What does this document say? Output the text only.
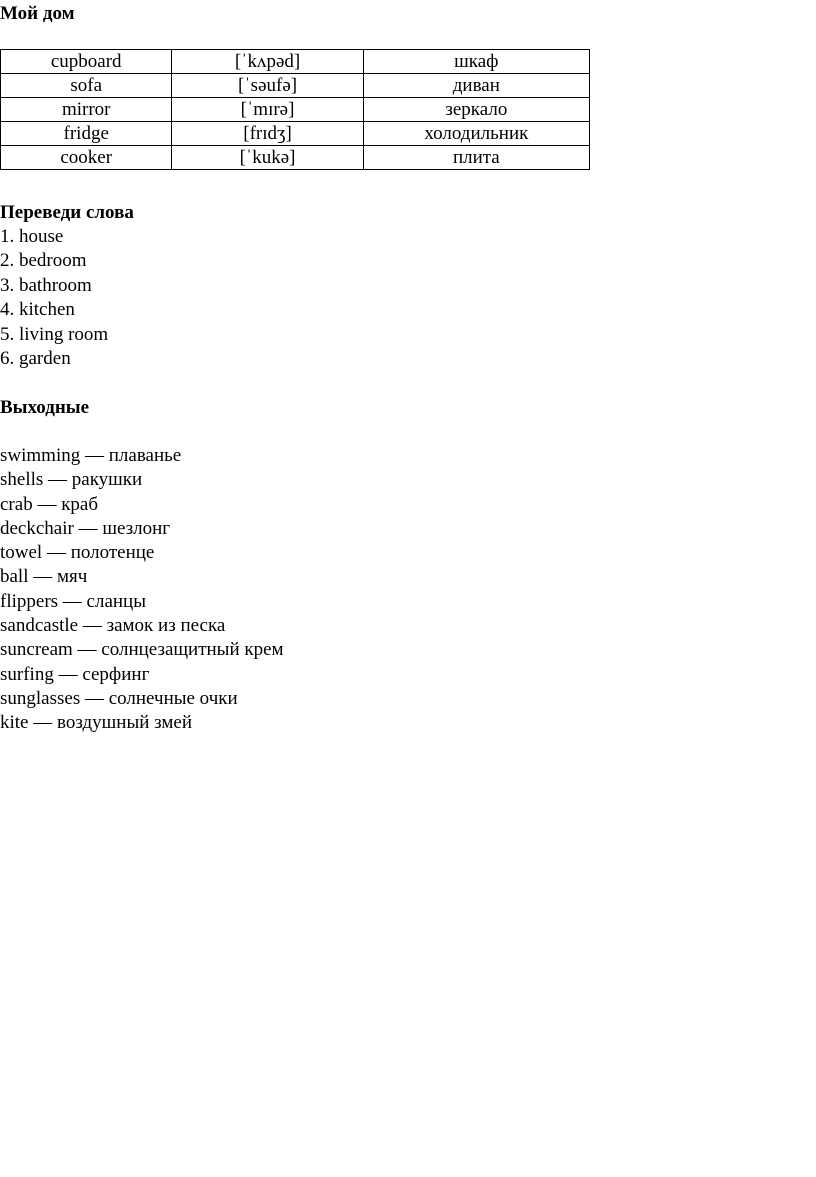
Мой дом

cupboard	[ˈkʌpəd]	шкаф
sofa	[ˈsəufə]	диван
mirror	[ˈmɪrə]	зеркало
fridge	[frɪdʒ]	холодильник
cooker	[ˈkukə]	плита

Переведи слова

1. house
2. bedroom
3. bathroom
4. kitchen
5. living room
6. garden

Выходные

swimming — плаванье
shells — ракушки
crab — краб
deckchair — шезлонг
towel — полотенце
ball — мяч
flippers — сланцы
sandcastle — замок из песка
suncream — солнцезащитный крем
surfing — серфинг
sunglasses — солнечные очки
kite — воздушный змей
